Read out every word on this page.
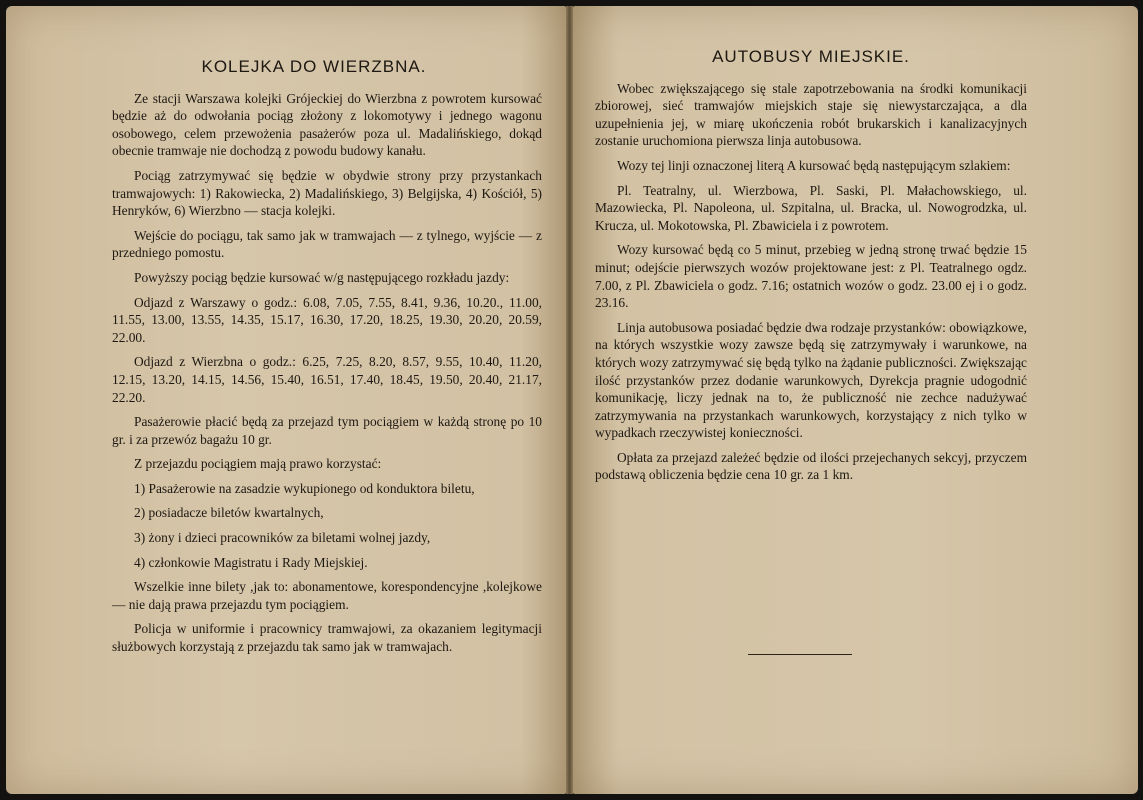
KOLEJKA DO WIERZBNA.

Ze stacji Warszawa kolejki Grójeckiej do Wierzbna z powrotem kursować będzie aż do odwołania pociąg złożony z lokomotywy i jednego wagonu osobowego, celem przewożenia pasażerów poza ul. Madalińskiego, dokąd obecnie tramwaje nie dochodzą z powodu budowy kanału.

Pociąg zatrzymywać się będzie w obydwie strony przy przystankach tramwajowych: 1) Rakowiecka, 2) Madalińskiego, 3) Belgijska, 4) Kościół, 5) Henryków, 6) Wierzbno — stacja kolejki.

Wejście do pociągu, tak samo jak w tramwajach — z tylnego, wyjście — z przedniego pomostu.

Powyższy pociąg będzie kursować w/g następującego rozkładu jazdy:

Odjazd z Warszawy o godz.: 6.08, 7.05, 7.55, 8.41, 9.36, 10.20., 11.00, 11.55, 13.00, 13.55, 14.35, 15.17, 16.30, 17.20, 18.25, 19.30, 20.20, 20.59, 22.00.

Odjazd z Wierzbna o godz.: 6.25, 7.25, 8.20, 8.57, 9.55, 10.40, 11.20, 12.15, 13.20, 14.15, 14.56, 15.40, 16.51, 17.40, 18.45, 19.50, 20.40, 21.17, 22.20.

Pasażerowie płacić będą za przejazd tym pociągiem w każdą stronę po 10 gr. i za przewóz bagażu 10 gr.

Z przejazdu pociągiem mają prawo korzystać:

1) Pasażerowie na zasadzie wykupionego od konduktora biletu,

2) posiadacze biletów kwartalnych,

3) żony i dzieci pracowników za biletami wolnej jazdy,

4) członkowie Magistratu i Rady Miejskiej.

Wszelkie inne bilety ,jak to: abonamentowe, korespondencyjne ,kolejkowe — nie dają prawa przejazdu tym pociągiem.

Policja w uniformie i pracownicy tramwajowi, za okazaniem legitymacji służbowych korzystają z przejazdu tak samo jak w tramwajach.

AUTOBUSY MIEJSKIE.

Wobec zwiększającego się stale zapotrzebowania na środki komunikacji zbiorowej, sieć tramwajów miejskich staje się niewystarczająca, a dla uzupełnienia jej, w miarę ukończenia robót brukarskich i kanalizacyjnych zostanie uruchomiona pierwsza linja autobusowa.

Wozy tej linji oznaczonej literą A kursować będą następującym szlakiem:

Pl. Teatralny, ul. Wierzbowa, Pl. Saski, Pl. Małachowskiego, ul. Mazowiecka, Pl. Napoleona, ul. Szpitalna, ul. Bracka, ul. Nowogrodzka, ul. Krucza, ul. Mokotowska, Pl. Zbawiciela i z powrotem.

Wozy kursować będą co 5 minut, przebieg w jedną stronę trwać będzie 15 minut; odejście pierwszych wozów projektowane jest: z Pl. Teatralnego ogdz. 7.00, z Pl. Zbawiciela o godz. 7.16; ostatnich wozów o godz. 23.00 ej i o godz. 23.16.

Linja autobusowa posiadać będzie dwa rodzaje przystanków: obowiązkowe, na których wszystkie wozy zawsze będą się zatrzymywały i warunkowe, na których wozy zatrzymywać się będą tylko na żądanie publiczności. Zwiększając ilość przystanków przez dodanie warunkowych, Dyrekcja pragnie udogodnić komunikację, liczy jednak na to, że publiczność nie zechce nadużywać zatrzymywania na przystankach warunkowych, korzystający z nich tylko w wypadkach rzeczywistej konieczności.

Opłata za przejazd zależeć będzie od ilości przejechanych sekcyj, przyczem podstawą obliczenia będzie cena 10 gr. za 1 km.
